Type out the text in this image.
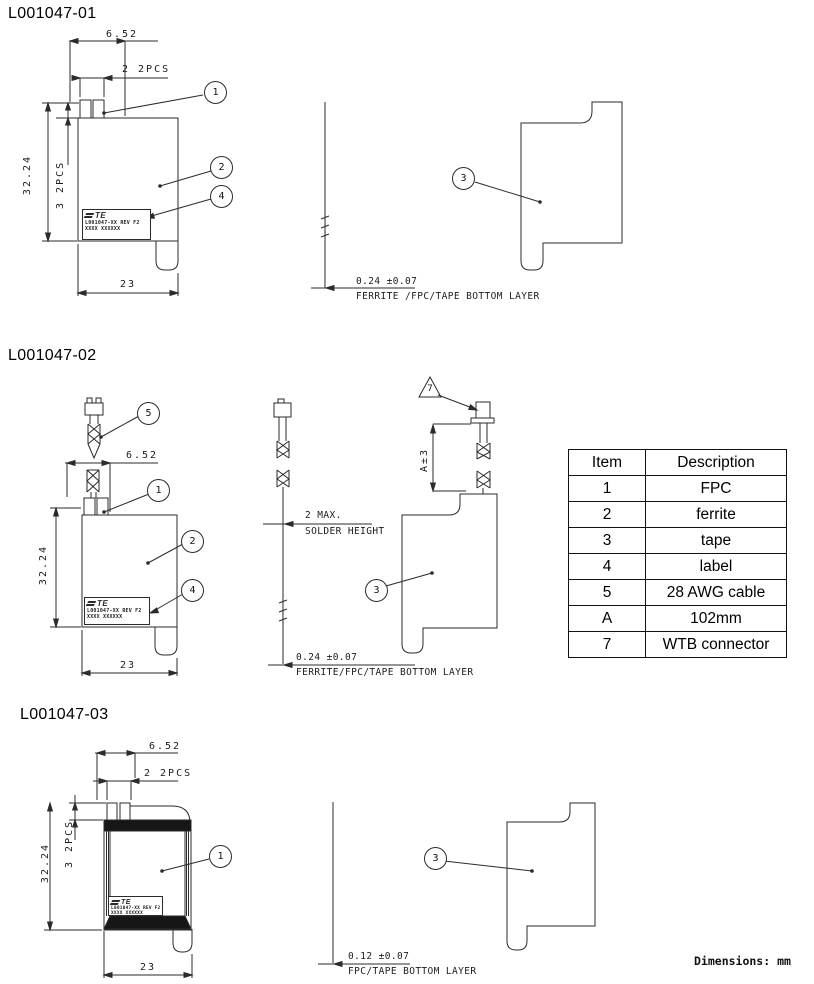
L001047-01
L001047-02
L001047-03
6.52
2 2PCS
32.24 3 2PCS
23	0.24 ±0.07
FERRITE /FPC/TAPE BOTTOM LAYER
1
2
4
3
TE
L001047-XX REV F2
XXXX XXXXXX
6.52
32.24
23
A±3
2 MAX.
SOLDER HEIGHT
0.24 ±0.07
FERRITE/FPC/TAPE BOTTOM LAYER
5
1
2
4	3
7
TE
L001047-XX REV F2
XXXX XXXXXX
6.52
2 2PCS
32.24 3 2PCS
23
0.12 ±0.07
FPC/TAPE BOTTOM LAYER
1	3
TE
L001047-XX REV F2
XXXX XXXXXX
Item	Description
1	FPC
2	ferrite
3	tape
4	label
5	28 AWG cable
A	102mm
7	WTB connector
Dimensions: mm
